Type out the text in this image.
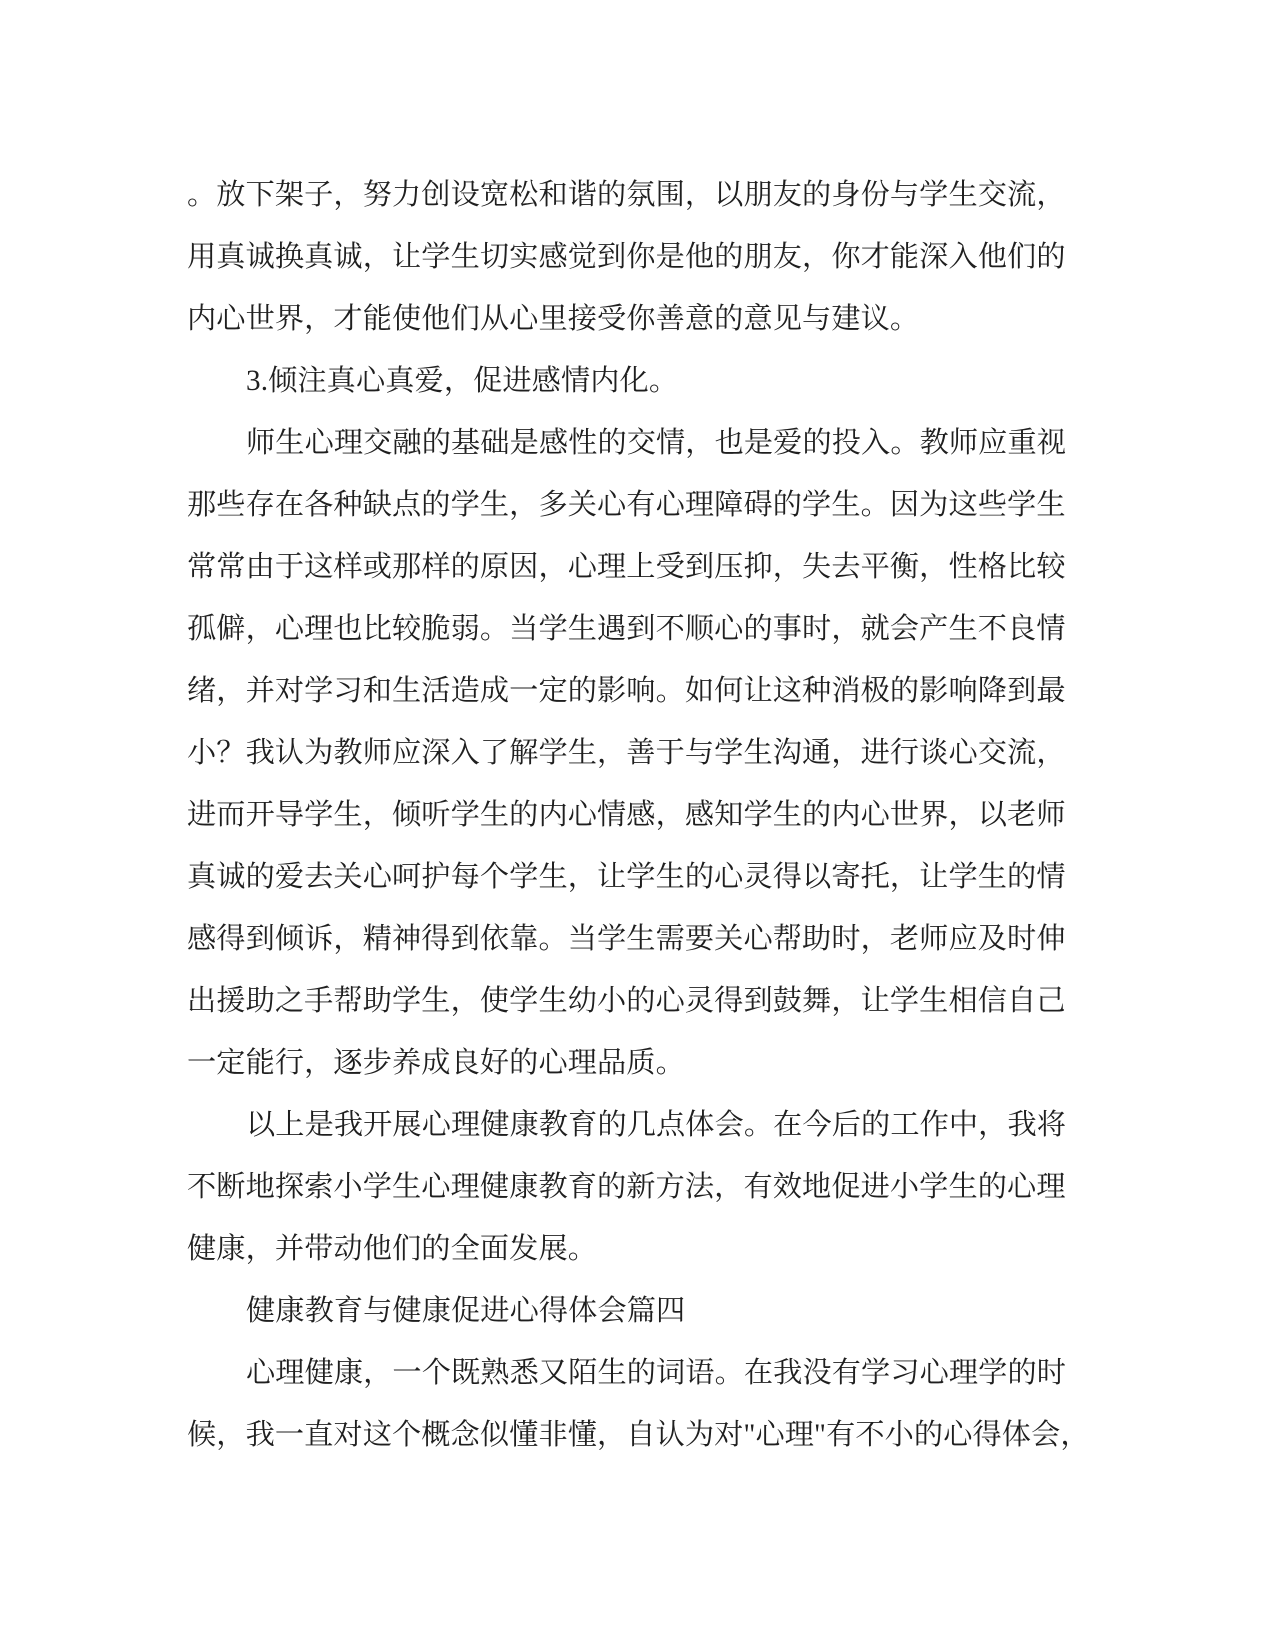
。放下架子，努力创设宽松和谐的氛围，以朋友的身份与学生交流，
用真诚换真诚，让学生切实感觉到你是他的朋友，你才能深入他们的
内心世界，才能使他们从心里接受你善意的意见与建议。
3.倾注真心真爱，促进感情内化。
师生心理交融的基础是感性的交情，也是爱的投入。教师应重视
那些存在各种缺点的学生，多关心有心理障碍的学生。因为这些学生
常常由于这样或那样的原因，心理上受到压抑，失去平衡，性格比较
孤僻，心理也比较脆弱。当学生遇到不顺心的事时，就会产生不良情
绪，并对学习和生活造成一定的影响。如何让这种消极的影响降到最
小？我认为教师应深入了解学生，善于与学生沟通，进行谈心交流，
进而开导学生，倾听学生的内心情感，感知学生的内心世界，以老师
真诚的爱去关心呵护每个学生，让学生的心灵得以寄托，让学生的情
感得到倾诉，精神得到依靠。当学生需要关心帮助时，老师应及时伸
出援助之手帮助学生，使学生幼小的心灵得到鼓舞，让学生相信自己
一定能行，逐步养成良好的心理品质。
以上是我开展心理健康教育的几点体会。在今后的工作中，我将
不断地探索小学生心理健康教育的新方法，有效地促进小学生的心理
健康，并带动他们的全面发展。
健康教育与健康促进心得体会篇四
心理健康，一个既熟悉又陌生的词语。在我没有学习心理学的时
候，我一直对这个概念似懂非懂，自认为对"心理"有不小的心得体会，
